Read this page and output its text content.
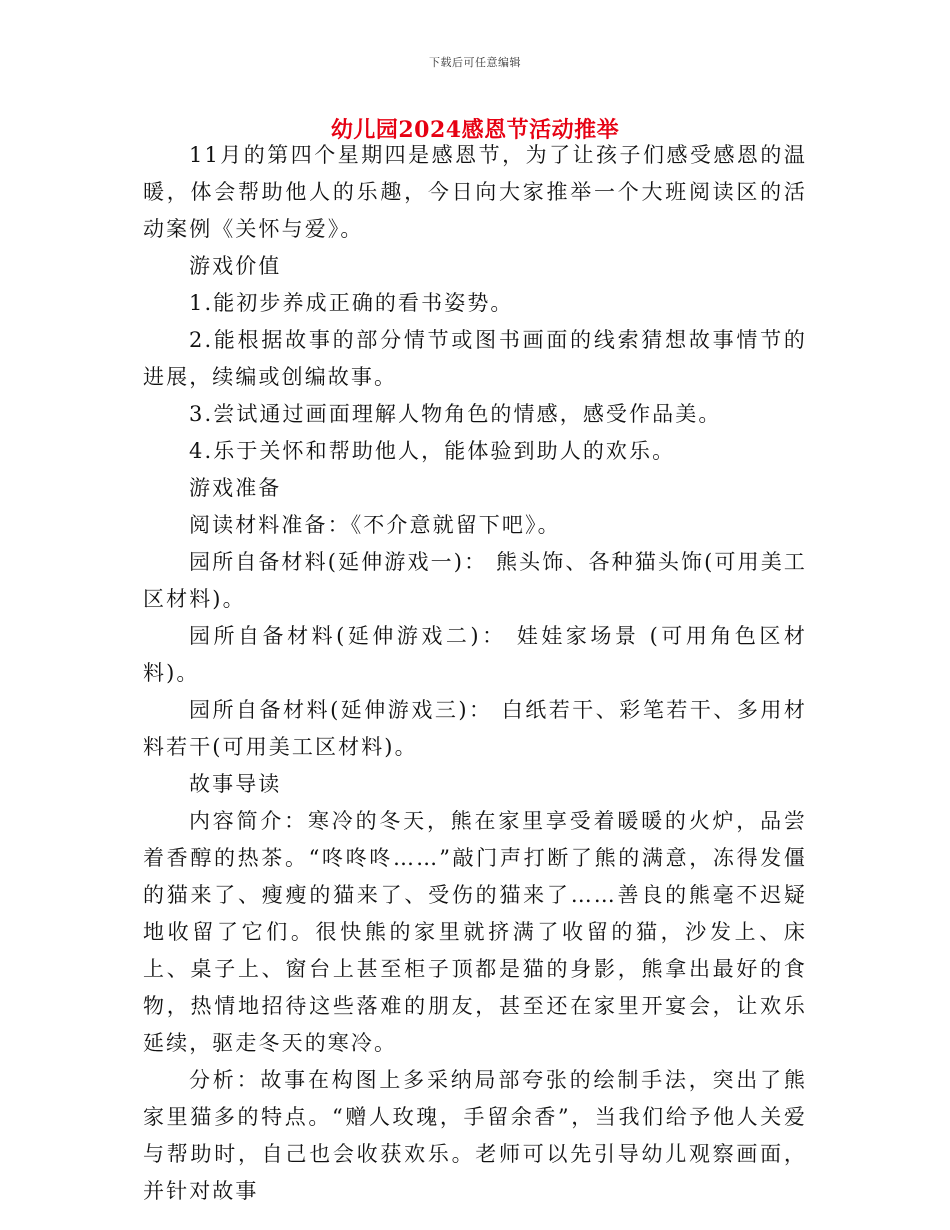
下载后可任意编辑
幼儿园2024感恩节活动推举

11月的第四个星期四是感恩节，为了让孩子们感受感恩的温暖，体会帮助他人的乐趣，今日向大家推举一个大班阅读区的活动案例《关怀与爱》。

游戏价值

1.能初步养成正确的看书姿势。

2.能根据故事的部分情节或图书画面的线索猜想故事情节的进展，续编或创编故事。

3.尝试通过画面理解人物角色的情感，感受作品美。

4.乐于关怀和帮助他人，能体验到助人的欢乐。

游戏准备

阅读材料准备：《不介意就留下吧》。

园所自备材料(延伸游戏一)： 熊头饰、各种猫头饰(可用美工区材料)。

园所自备材料(延伸游戏二)： 娃娃家场景 (可用角色区材料)。

园所自备材料(延伸游戏三)： 白纸若干、彩笔若干、多用材料若干(可用美工区材料)。

故事导读

内容简介：寒冷的冬天，熊在家里享受着暖暖的火炉，品尝着香醇的热茶。“咚咚咚……”敲门声打断了熊的满意，冻得发僵的猫来了、瘦瘦的猫来了、受伤的猫来了……善良的熊毫不迟疑地收留了它们。很快熊的家里就挤满了收留的猫，沙发上、床上、桌子上、窗台上甚至柜子顶都是猫的身影，熊拿出最好的食物，热情地招待这些落难的朋友，甚至还在家里开宴会，让欢乐延续，驱走冬天的寒冷。

分析：故事在构图上多采纳局部夸张的绘制手法，突出了熊家里猫多的特点。“赠人玫瑰，手留余香”，当我们给予他人关爱与帮助时，自己也会收获欢乐。老师可以先引导幼儿观察画面，并针对故事
